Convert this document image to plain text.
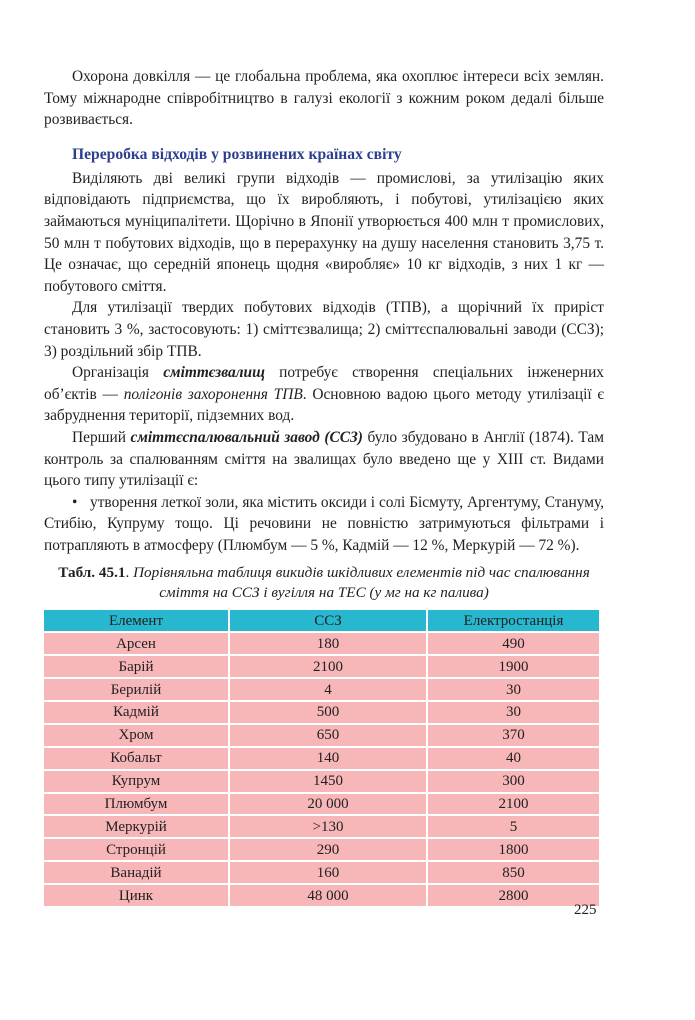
Охорона довкілля — це глобальна проблема, яка охоплює інтереси всіх землян. Тому міжнародне співробітництво в галузі екології з кожним роком дедалі більше розвивається.

Переробка відходів у розвинених країнах світу

Виділяють дві великі групи відходів — промислові, за утилізацію яких відповідають підприємства, що їх виробляють, і побутові, утилізацією яких займаються муніципалітети. Щорічно в Японії утворюється 400 млн т промислових, 50 млн т побутових відходів, що в перерахунку на душу населення становить 3,75 т. Це означає, що середній японець щодня «виробляє» 10 кг відходів, з них 1 кг — побутового сміття.

Для утилізації твердих побутових відходів (ТПВ), а щорічний їх приріст становить 3 %, застосовують: 1) сміттєзвалища; 2) сміттєспалювальні заводи (ССЗ); 3) роздільний збір ТПВ.

Організація сміттєзвалищ потребує створення спеціальних інженерних об’єктів — полігонів захоронення ТПВ. Основною вадою цього методу утилізації є забруднення території, підземних вод.

Перший сміттєспалювальний завод (ССЗ) було збудовано в Англії (1874). Там контроль за спалюванням сміття на звалищах було введено ще у XIII ст. Видами цього типу утилізації є:

• утворення леткої золи, яка містить оксиди і солі Бісмуту, Аргентуму, Стануму, Стибію, Купруму тощо. Ці речовини не повністю затримуються фільтрами і потрапляють в атмосферу (Плюмбум — 5 %, Кадмій — 12 %, Меркурій — 72 %).

Табл. 45.1. Порівняльна таблиця викидів шкідливих елементів під час спалювання сміття на ССЗ і вугілля на ТЕС (у мг на кг палива)

Елемент	ССЗ	Електростанція
Арсен	180	490
Барій	2100	1900
Берилій	4	30
Кадмій	500	30
Хром	650	370
Кобальт	140	40
Купрум	1450	300
Плюмбум	20 000	2100
Меркурій	>130	5
Стронцій	290	1800
Ванадій	160	850
Цинк	48 000	2800
225
